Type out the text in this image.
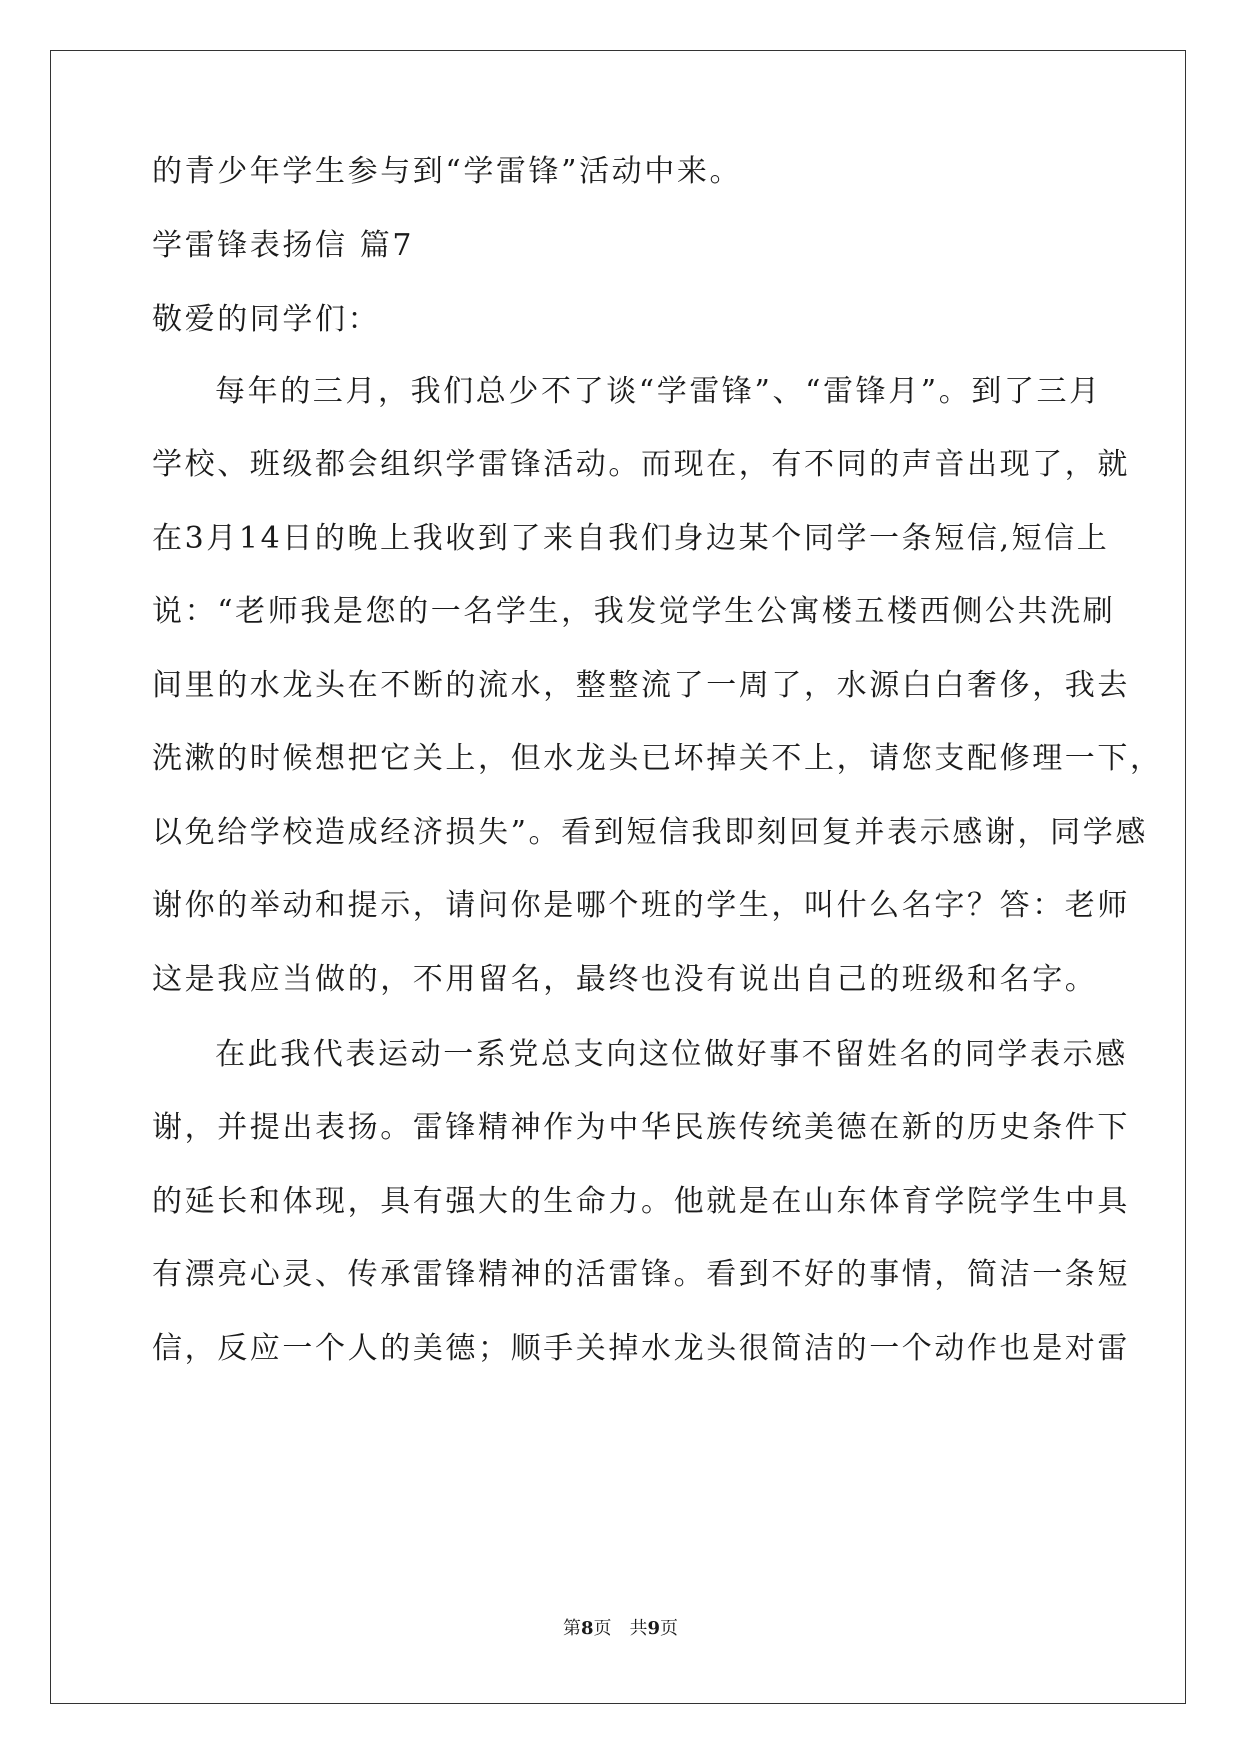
的青少年学生参与到“学雷锋”活动中来。

学雷锋表扬信 篇7

敬爱的同学们：

每年的三月，我们总少不了谈“学雷锋”、“雷锋月”。到了三月

学校、班级都会组织学雷锋活动。而现在，有不同的声音出现了，就

在3月14日的晚上我收到了来自我们身边某个同学一条短信,短信上

说：“老师我是您的一名学生，我发觉学生公寓楼五楼西侧公共洗刷

间里的水龙头在不断的流水，整整流了一周了，水源白白奢侈，我去

洗漱的时候想把它关上，但水龙头已坏掉关不上，请您支配修理一下，

以免给学校造成经济损失”。看到短信我即刻回复并表示感谢，同学感

谢你的举动和提示，请问你是哪个班的学生，叫什么名字？答：老师

这是我应当做的，不用留名，最终也没有说出自己的班级和名字。

在此我代表运动一系党总支向这位做好事不留姓名的同学表示感

谢，并提出表扬。雷锋精神作为中华民族传统美德在新的历史条件下

的延长和体现，具有强大的生命力。他就是在山东体育学院学生中具

有漂亮心灵、传承雷锋精神的活雷锋。看到不好的事情，简洁一条短

信，反应一个人的美德；顺手关掉水龙头很简洁的一个动作也是对雷

第8页 共9页
